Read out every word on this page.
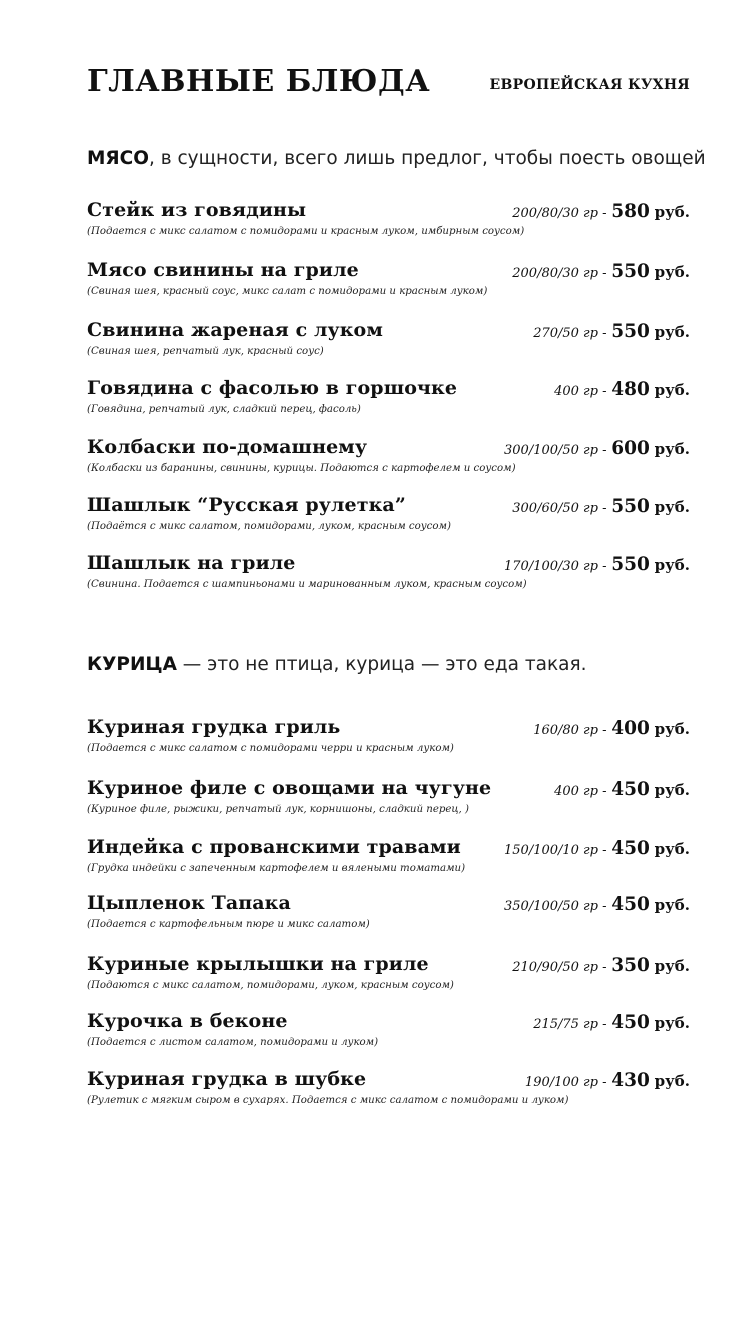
ГЛАВНЫЕ БЛЮДА	ЕВРОПЕЙСКАЯ КУХНЯ
МЯСО, в сущности, всего лишь предлог, чтобы поесть овощей
Стейк из говядины	200/80/30 гр - 580 руб.
(Подается с микс салатом с помидорами и красным луком, имбирным соусом)
Мясо свинины на гриле	200/80/30 гр - 550 руб.
(Свиная шея, красный соус, микс салат с помидорами и красным луком)
Свинина жареная с луком	270/50 гр - 550 руб.
(Свиная шея, репчатый лук, красный соус)
Говядина с фасолью в горшочке	400 гр - 480 руб.
(Говядина, репчатый лук, сладкий перец, фасоль)
Колбаски по-домашнему	300/100/50 гр - 600 руб.
(Колбаски из баранины, свинины, курицы. Подаются с картофелем и соусом)
Шашлык “Русская рулетка”	300/60/50 гр - 550 руб.
(Подаётся с микс салатом, помидорами, луком, красным соусом)
Шашлык на гриле	170/100/30 гр - 550 руб.
(Свинина. Подается с шампиньонами и маринованным луком, красным соусом)
КУРИЦА — это не птица, курица — это еда такая.
Куриная грудка гриль	160/80 гр - 400 руб.
(Подается с микс салатом с помидорами черри и красным луком)
Куриное филе с овощами на чугуне	400 гр - 450 руб.
(Куриное филе, рыжики, репчатый лук, корнишоны, сладкий перец, )
Индейка с прованскими травами	150/100/10 гр - 450 руб.
(Грудка индейки с запеченным картофелем и вялеными томатами)
Цыпленок Тапака	350/100/50 гр - 450 руб.
(Подается с картофельным пюре и микс салатом)
Куриные крылышки на гриле	210/90/50 гр - 350 руб.
(Подаются с микс салатом, помидорами, луком, красным соусом)
Курочка в беконе	215/75 гр - 450 руб.
(Подается с листом салатом, помидорами и луком)
Куриная грудка в шубке	190/100 гр - 430 руб.
(Рулетик с мягким сыром в сухарях. Подается с микс салатом с помидорами и луком)
